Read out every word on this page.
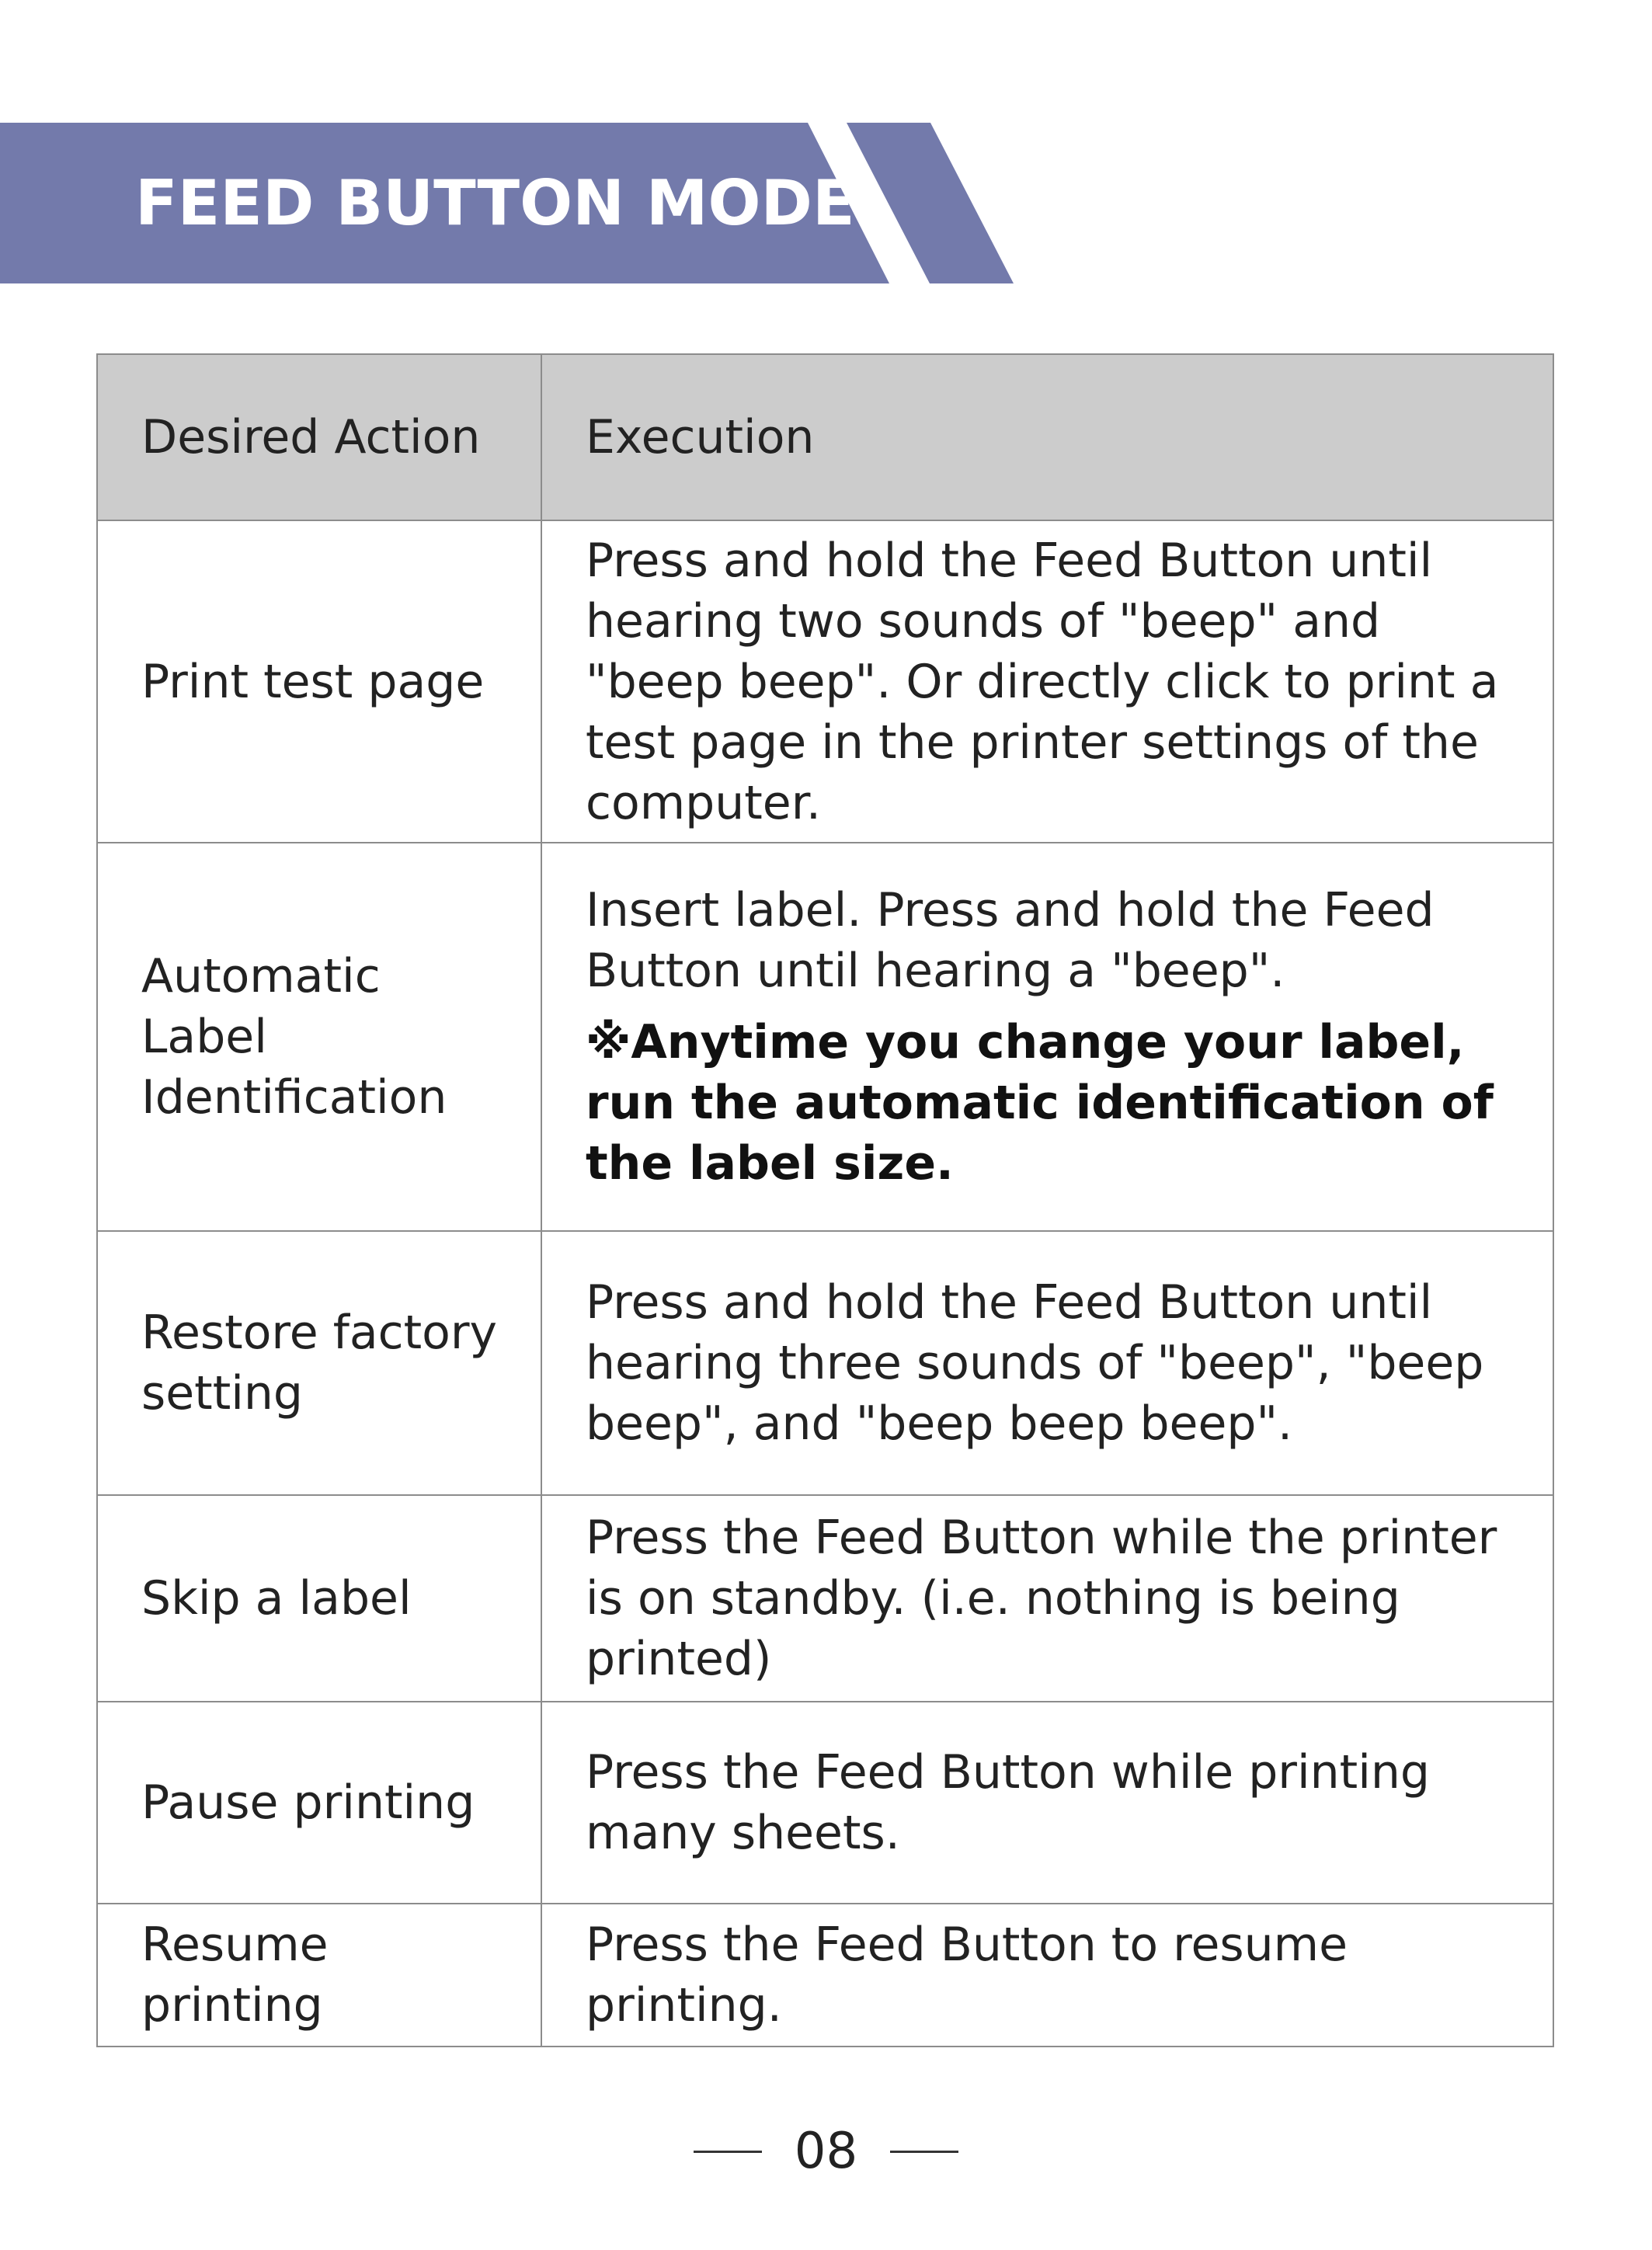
FEED BUTTON MODE
Desired Action	Execution
Print test page	Press and hold the Feed Button until hearing two sounds of "beep" and "beep beep". Or directly click to print a test page in the printer settings of the computer.

Automatic Label Identification	Insert label. Press and hold the Feed Button until hearing a "beep".
※Anytime you change your label, run the automatic identification of the label size.

Restore factory setting	Press and hold the Feed Button until hearing three sounds of "beep", "beep beep", and "beep beep beep".

Skip a label	Press the Feed Button while the printer is on standby. (i.e. nothing is being printed)

Pause printing	Press the Feed Button while printing many sheets.

Resume printing	Press the Feed Button to resume printing.
08
